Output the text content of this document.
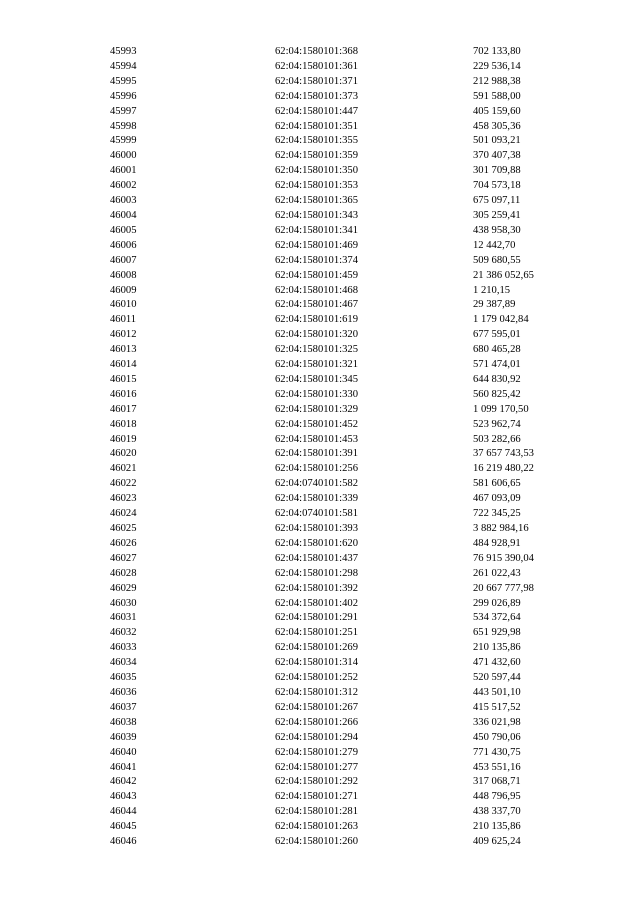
45993	62:04:1580101:368	702 133,80
45994	62:04:1580101:361	229 536,14
45995	62:04:1580101:371	212 988,38
45996	62:04:1580101:373	591 588,00
45997	62:04:1580101:447	405 159,60
45998	62:04:1580101:351	458 305,36
45999	62:04:1580101:355	501 093,21
46000	62:04:1580101:359	370 407,38
46001	62:04:1580101:350	301 709,88
46002	62:04:1580101:353	704 573,18
46003	62:04:1580101:365	675 097,11
46004	62:04:1580101:343	305 259,41
46005	62:04:1580101:341	438 958,30
46006	62:04:1580101:469	12 442,70
46007	62:04:1580101:374	509 680,55
46008	62:04:1580101:459	21 386 052,65
46009	62:04:1580101:468	1 210,15
46010	62:04:1580101:467	29 387,89
46011	62:04:1580101:619	1 179 042,84
46012	62:04:1580101:320	677 595,01
46013	62:04:1580101:325	680 465,28
46014	62:04:1580101:321	571 474,01
46015	62:04:1580101:345	644 830,92
46016	62:04:1580101:330	560 825,42
46017	62:04:1580101:329	1 099 170,50
46018	62:04:1580101:452	523 962,74
46019	62:04:1580101:453	503 282,66
46020	62:04:1580101:391	37 657 743,53
46021	62:04:1580101:256	16 219 480,22
46022	62:04:0740101:582	581 606,65
46023	62:04:1580101:339	467 093,09
46024	62:04:0740101:581	722 345,25
46025	62:04:1580101:393	3 882 984,16
46026	62:04:1580101:620	484 928,91
46027	62:04:1580101:437	76 915 390,04
46028	62:04:1580101:298	261 022,43
46029	62:04:1580101:392	20 667 777,98
46030	62:04:1580101:402	299 026,89
46031	62:04:1580101:291	534 372,64
46032	62:04:1580101:251	651 929,98
46033	62:04:1580101:269	210 135,86
46034	62:04:1580101:314	471 432,60
46035	62:04:1580101:252	520 597,44
46036	62:04:1580101:312	443 501,10
46037	62:04:1580101:267	415 517,52
46038	62:04:1580101:266	336 021,98
46039	62:04:1580101:294	450 790,06
46040	62:04:1580101:279	771 430,75
46041	62:04:1580101:277	453 551,16
46042	62:04:1580101:292	317 068,71
46043	62:04:1580101:271	448 796,95
46044	62:04:1580101:281	438 337,70
46045	62:04:1580101:263	210 135,86
46046	62:04:1580101:260	409 625,24
